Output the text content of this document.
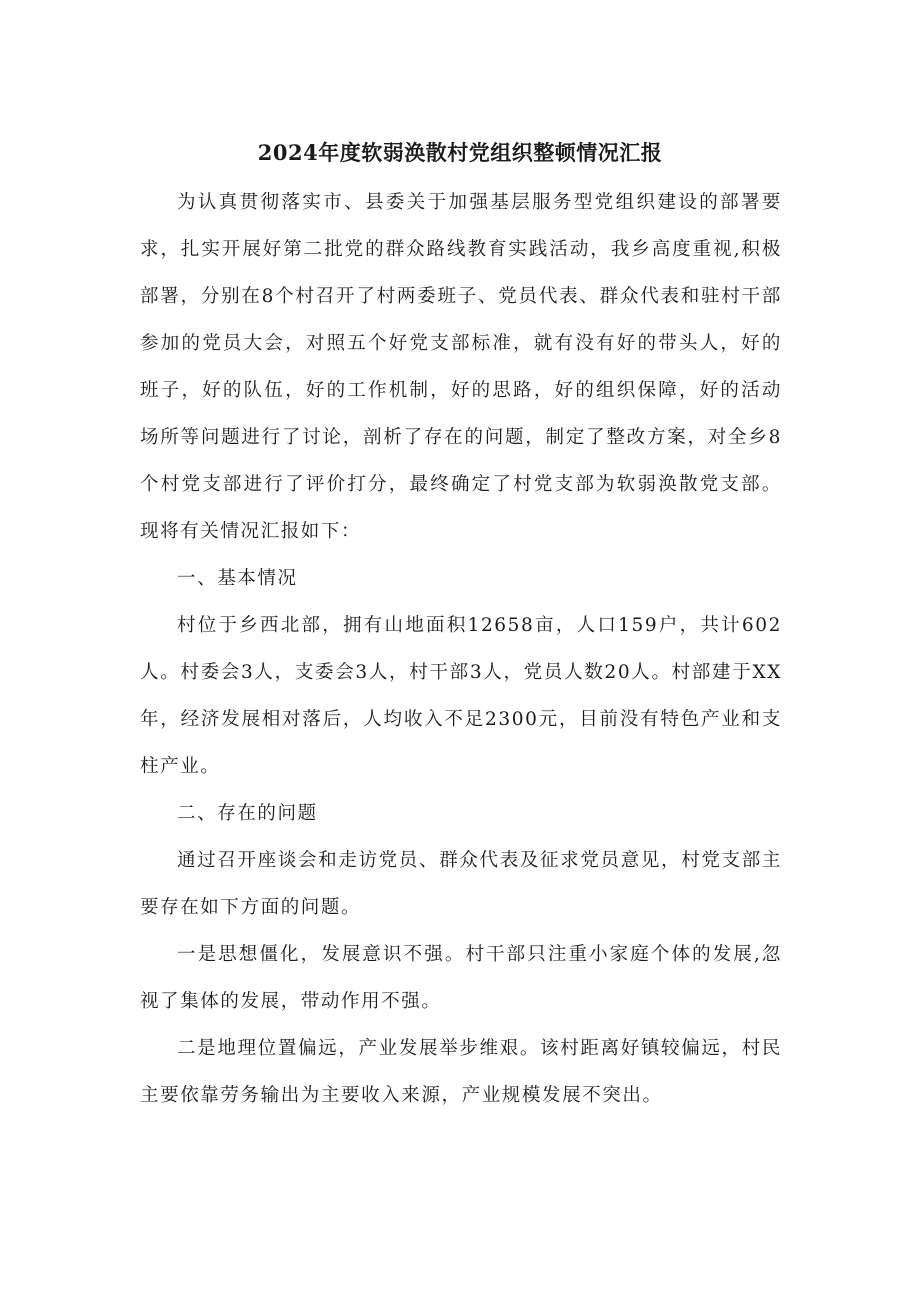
2024年度软弱涣散村党组织整顿情况汇报

为认真贯彻落实市、县委关于加强基层服务型党组织建设的部署要求，扎实开展好第二批党的群众路线教育实践活动，我乡高度重视,积极部署，分别在8个村召开了村两委班子、党员代表、群众代表和驻村干部参加的党员大会，对照五个好党支部标准，就有没有好的带头人，好的班子，好的队伍，好的工作机制，好的思路，好的组织保障，好的活动场所等问题进行了讨论，剖析了存在的问题，制定了整改方案，对全乡8个村党支部进行了评价打分，最终确定了村党支部为软弱涣散党支部。现将有关情况汇报如下：

一、基本情况

村位于乡西北部，拥有山地面积12658亩，人口159户，共计602人。村委会3人，支委会3人，村干部3人，党员人数20人。村部建于XX年，经济发展相对落后，人均收入不足2300元，目前没有特色产业和支柱产业。

二、存在的问题

通过召开座谈会和走访党员、群众代表及征求党员意见，村党支部主要存在如下方面的问题。

一是思想僵化，发展意识不强。村干部只注重小家庭个体的发展,忽视了集体的发展，带动作用不强。

二是地理位置偏远，产业发展举步维艰。该村距离好镇较偏远，村民主要依靠劳务输出为主要收入来源，产业规模发展不突出。
